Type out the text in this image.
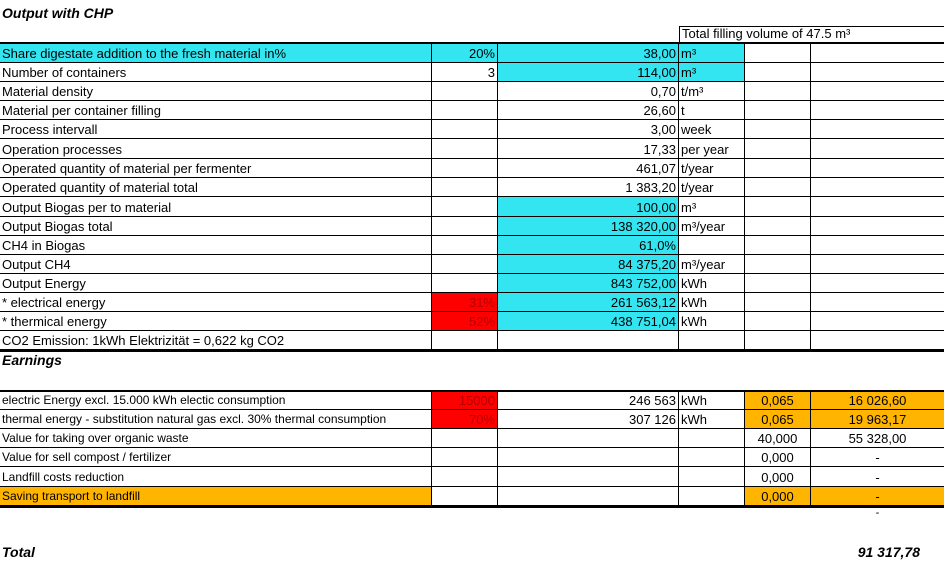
Output with CHP
Total filling volume of 47.5 m³
Share digestate addition to the fresh material in%	20%	38,00 m³
Number of containers	3	114,00 m³
Material density	0,70 t/m³
Material per container filling	26,60 t
Process intervall	3,00 week
Operation processes	17,33 per year
Operated quantity of material per fermenter	461,07 t/year
Operated quantity of material total	1 383,20 t/year
Output Biogas per to material	100,00 m³
Output Biogas total	138 320,00 m³/year
CH4 in Biogas	61,0%
Output CH4	84 375,20 m³/year
Output Energy	843 752,00 kWh
* electrical energy	31%	261 563,12 kWh
* thermical energy	52%	438 751,04 kWh
CO2 Emission: 1kWh Elektrizität = 0,622 kg CO2
Earnings
electric Energy excl. 15.000 kWh electic consumption	15000	246 563 kWh	0,065	16 026,60
thermal energy - substitution natural gas excl. 30% thermal consumption	70%	307 126 kWh	0,065	19 963,17
Value for taking over organic waste	40,000	55 328,00
Value for sell compost / fertilizer	0,000	-
Landfill costs reduction	0,000	-
Saving transport to landfill	0,000	-
-
Total	91 317,78
